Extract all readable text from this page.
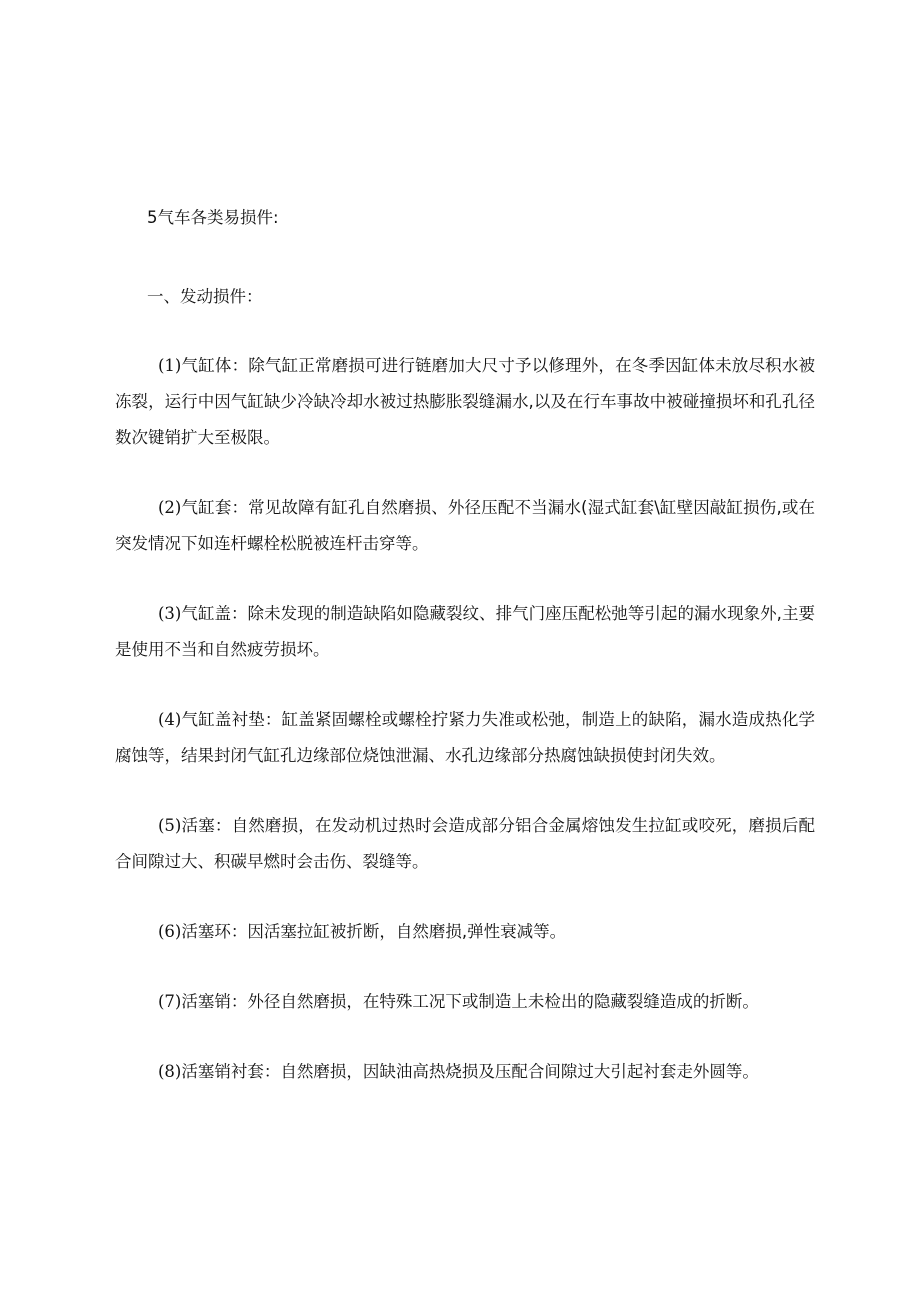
5气车各类易损件:

一、发动损件：

(1)气缸体：除气缸正常磨损可进行链磨加大尺寸予以修理外，在冬季因缸体未放尽积水被冻裂，运行中因气缸缺少冷缺冷却水被过热膨胀裂缝漏水,以及在行车事故中被碰撞损坏和孔孔径数次键销扩大至极限。

(2)气缸套：常见故障有缸孔自然磨损、外径压配不当漏水(湿式缸套\缸壁因敲缸损伤,或在突发情况下如连杆螺栓松脱被连杆击穿等。

(3)气缸盖：除未发现的制造缺陷如隐藏裂纹、排气门座压配松弛等引起的漏水现象外,主要是使用不当和自然疲劳损坏。

(4)气缸盖衬垫：缸盖紧固螺栓或螺栓拧紧力失准或松弛，制造上的缺陷，漏水造成热化学腐蚀等，结果封闭气缸孔边缘部位烧蚀泄漏、水孔边缘部分热腐蚀缺损使封闭失效。

(5)活塞：自然磨损，在发动机过热时会造成部分铝合金属熔蚀发生拉缸或咬死，磨损后配合间隙过大、积碳早燃时会击伤、裂缝等。

(6)活塞环：因活塞拉缸被折断，自然磨损,弹性衰减等。

(7)活塞销：外径自然磨损，在特殊工况下或制造上未检出的隐藏裂缝造成的折断。

(8)活塞销衬套：自然磨损，因缺油高热烧损及压配合间隙过大引起衬套走外圆等。
